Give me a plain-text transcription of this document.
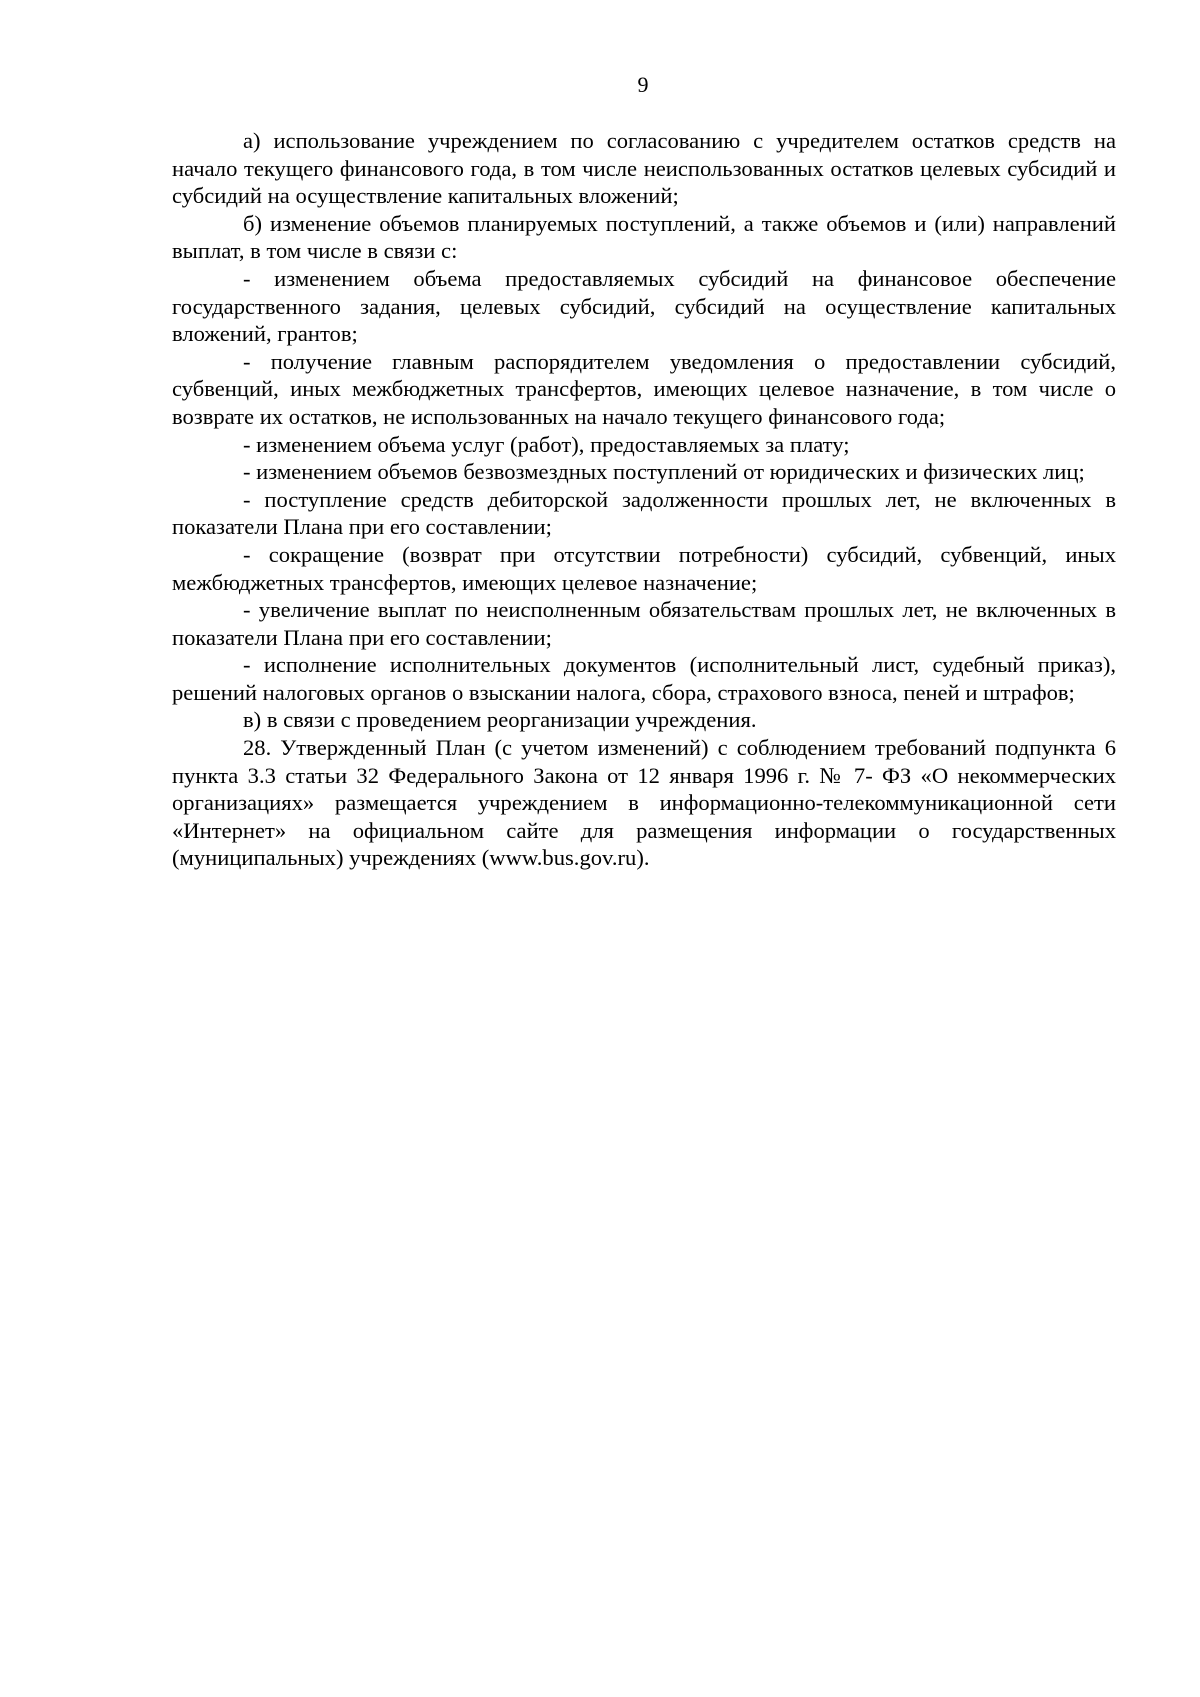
9

а) использование учреждением по согласованию с учредителем остатков средств на начало текущего финансового года, в том числе неиспользованных остатков целевых субсидий и субсидий на осуществление капитальных вложений;

б) изменение объемов планируемых поступлений, а также объемов и (или) направлений выплат, в том числе в связи с:

- изменением объема предоставляемых субсидий на финансовое обеспечение государственного задания, целевых субсидий, субсидий на осуществление капитальных вложений, грантов;

- получение главным распорядителем уведомления о предоставлении субсидий, субвенций, иных межбюджетных трансфертов, имеющих целевое назначение, в том числе о возврате их остатков, не использованных на начало текущего финансового года;

- изменением объема услуг (работ), предоставляемых за плату;

- изменением объемов безвозмездных поступлений от юридических и физических лиц;

- поступление средств дебиторской задолженности прошлых лет, не включенных в показатели Плана при его составлении;

- сокращение (возврат при отсутствии потребности) субсидий, субвенций, иных межбюджетных трансфертов, имеющих целевое назначение;

- увеличение выплат по неисполненным обязательствам прошлых лет, не включенных в показатели Плана при его составлении;

- исполнение исполнительных документов (исполнительный лист, судебный приказ), решений налоговых органов о взыскании налога, сбора, страхового взноса, пеней и штрафов;

в) в связи с проведением реорганизации учреждения.

28. Утвержденный План (с учетом изменений) с соблюдением требований подпункта 6 пункта 3.3 статьи 32 Федерального Закона от 12 января 1996 г. № 7- ФЗ «О некоммерческих организациях» размещается учреждением в информационно-телекоммуникационной сети «Интернет» на официальном сайте для размещения информации о государственных (муниципальных) учреждениях (www.bus.gov.ru).
